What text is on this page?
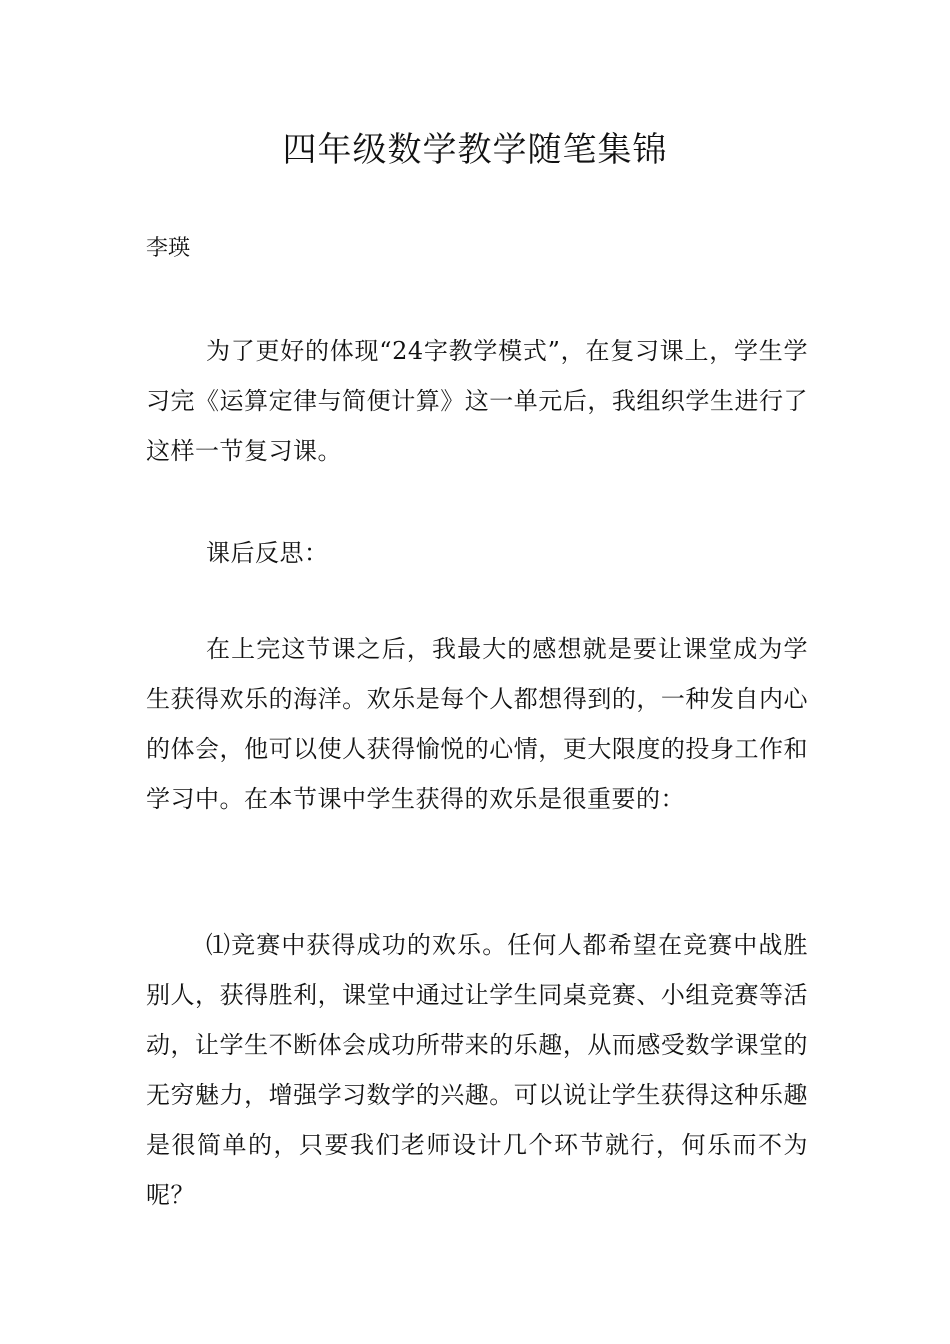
四年级数学教学随笔集锦

李瑛

为了更好的体现“24字教学模式”，在复习课上，学生学习完《运算定律与简便计算》这一单元后，我组织学生进行了这样一节复习课。

课后反思：

在上完这节课之后，我最大的感想就是要让课堂成为学生获得欢乐的海洋。欢乐是每个人都想得到的，一种发自内心的体会，他可以使人获得愉悦的心情，更大限度的投身工作和学习中。在本节课中学生获得的欢乐是很重要的：

⑴竞赛中获得成功的欢乐。任何人都希望在竞赛中战胜别人，获得胜利，课堂中通过让学生同桌竞赛、小组竞赛等活动，让学生不断体会成功所带来的乐趣，从而感受数学课堂的无穷魅力，增强学习数学的兴趣。可以说让学生获得这种乐趣是很简单的，只要我们老师设计几个环节就行，何乐而不为呢？
